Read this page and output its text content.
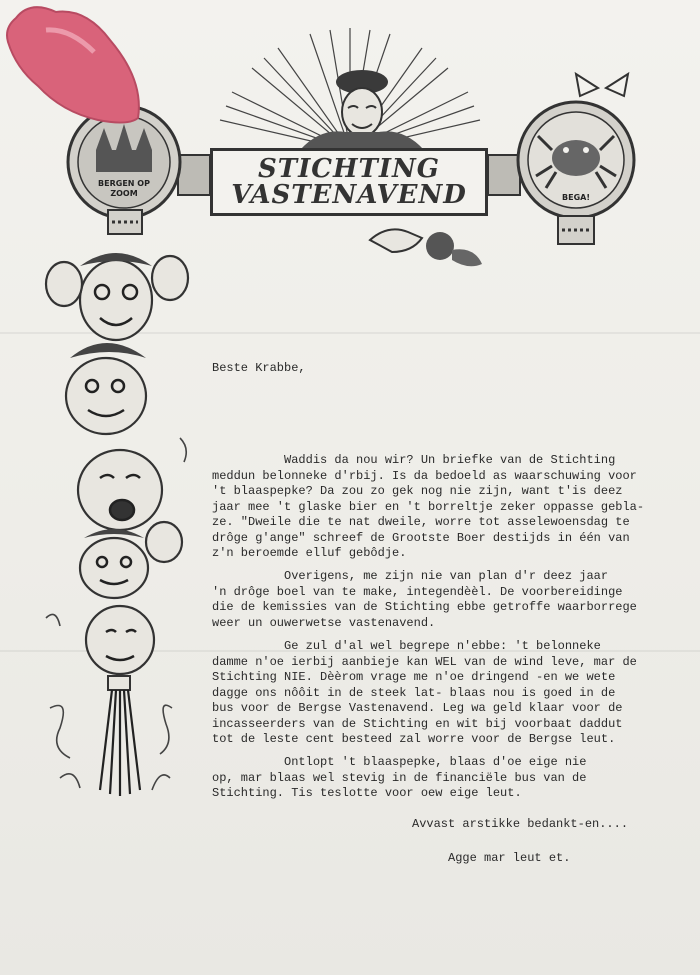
BERGEN OP
ZOOM	BEGA!
STICHTING
VASTENAVEND
Beste Krabbe,
Waddis da nou wir? Un briefke van de Stichting
meddun belonneke d'rbij. Is da bedoeld as waarschuwing voor
't blaaspepke? Da zou zo gek nog nie zijn, want t'is deez
jaar mee 't glaske bier en 't borreltje zeker oppasse gebla-
ze. "Dweile die te nat dweile, worre tot asselewoensdag te
drôge g'ange" schreef de Grootste Boer destijds in één van
z'n beroemde elluf gebôdje.
Overigens, me zijn nie van plan d'r deez jaar
'n drôge boel van te make, integendèèl. De voorbereidinge
die de kemissies van de Stichting ebbe getroffe waarborrege
weer un ouwerwetse vastenavend.
Ge zul d'al wel begrepe n'ebbe: 't belonneke
damme n'oe ierbij aanbieje kan WEL van de wind leve, mar de
Stichting NIE. Dèèrom vrage me n'oe dringend -en we wete
dagge ons nôôit in de steek lat- blaas nou is goed in de
bus voor de Bergse Vastenavend. Leg wa geld klaar voor de
incasseerders van de Stichting en wit bij voorbaat daddut
tot de leste cent besteed zal worre voor de Bergse leut.
Ontlopt 't blaaspepke, blaas d'oe eige nie
op, mar blaas wel stevig in de financiële bus van de
Stichting. Tis teslotte voor oew eige leut.
Avvast arstikke bedankt-en....
Agge mar leut et.
